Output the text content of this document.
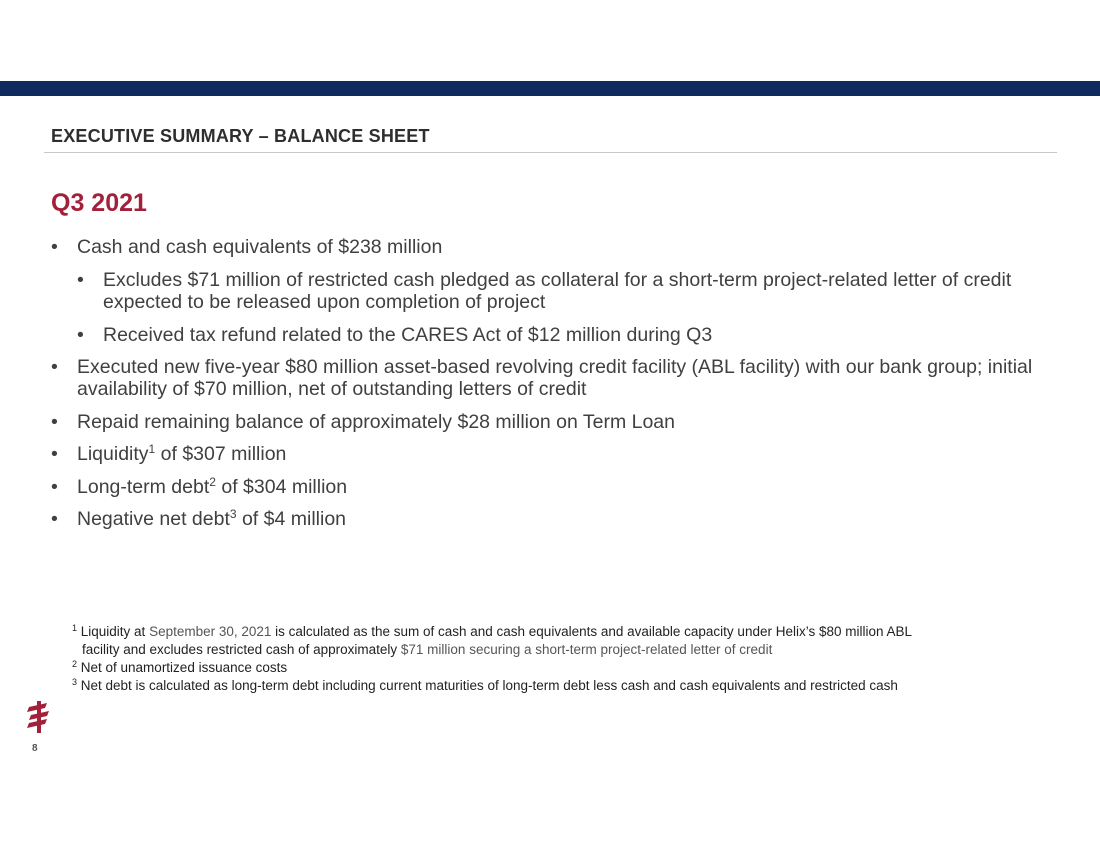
EXECUTIVE SUMMARY – BALANCE SHEET
Q3 2021
• Cash and cash equivalents of $238 million
• Excludes $71 million of restricted cash pledged as collateral for a short-term project-related letter of credit expected to be released upon completion of project
• Received tax refund related to the CARES Act of $12 million during Q3
• Executed new five-year $80 million asset-based revolving credit facility (ABL facility) with our bank group; initial availability of $70 million, net of outstanding letters of credit
• Repaid remaining balance of approximately $28 million on Term Loan
• Liquidity$^1$ of $307 million
• Long-term debt$^2$ of $304 million
• Negative net debt$^3$ of $4 million

$^1$ Liquidity at September 30, 2021 is calculated as the sum of cash and cash equivalents and available capacity under Helix’s $80 million ABL

facility and excludes restricted cash of approximately $71 million securing a short-term project-related letter of credit

$^2$ Net of unamortized issuance costs

$^3$ Net debt is calculated as long-term debt including current maturities of long-term debt less cash and cash equivalents and restricted cash

8
